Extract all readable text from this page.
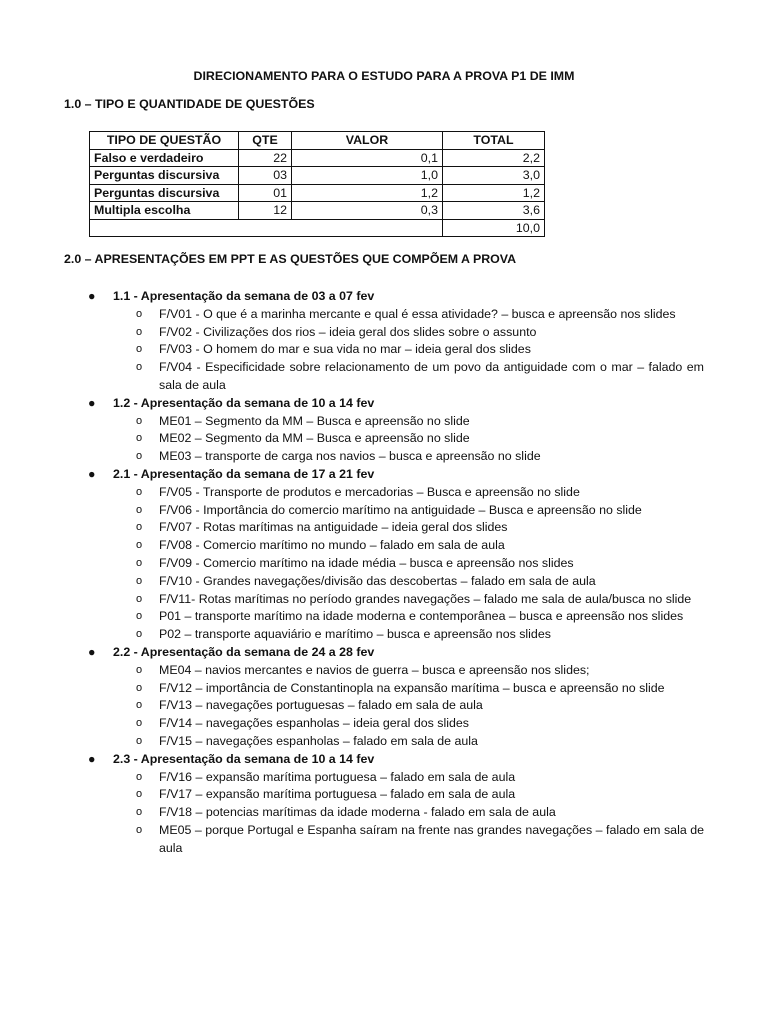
DIRECIONAMENTO PARA O ESTUDO PARA A PROVA P1 DE IMM
1.0 – TIPO E QUANTIDADE DE QUESTÕES
TIPO DE QUESTÃO	QTE	VALOR	TOTAL
Falso e verdadeiro	22	0,1	2,2
Perguntas discursiva	03	1,0	3,0
Perguntas discursiva	01	1,2	1,2
Multipla escolha	12	0,3	3,6
			10,0
2.0 – APRESENTAÇÕES EM PPT E AS QUESTÕES QUE COMPÕEM A PROVA
● 1.1 - Apresentação da semana de 03 a 07 fev
o F/V01 - O que é a marinha mercante e qual é essa atividade? – busca e apreensão nos slides
o F/V02 - Civilizações dos rios – ideia geral dos slides sobre o assunto
o F/V03 - O homem do mar e sua vida no mar – ideia geral dos slides
o F/V04 - Especificidade sobre relacionamento de um povo da antiguidade com o mar – falado em sala de aula
● 1.2 - Apresentação da semana de 10 a 14 fev
o ME01 – Segmento da MM – Busca e apreensão no slide
o ME02 – Segmento da MM – Busca e apreensão no slide
o ME03 – transporte de carga nos navios – busca e apreensão no slide
● 2.1 - Apresentação da semana de 17 a 21 fev
o F/V05 - Transporte de produtos e mercadorias – Busca e apreensão no slide
o F/V06 - Importância do comercio marítimo na antiguidade – Busca e apreensão no slide
o F/V07 - Rotas marítimas na antiguidade – ideia geral dos slides
o F/V08 - Comercio marítimo no mundo – falado em sala de aula
o F/V09 - Comercio marítimo na idade média – busca e apreensão nos slides
o F/V10 - Grandes navegações/divisão das descobertas – falado em sala de aula
o F/V11- Rotas marítimas no período grandes navegações – falado me sala de aula/busca no slide
o P01 – transporte marítimo na idade moderna e contemporânea – busca e apreensão nos slides
o P02 – transporte aquaviário e marítimo – busca e apreensão nos slides
● 2.2 - Apresentação da semana de 24 a 28 fev
o ME04 – navios mercantes e navios de guerra – busca e apreensão nos slides;
o F/V12 – importância de Constantinopla na expansão marítima – busca e apreensão no slide
o F/V13 – navegações portuguesas – falado em sala de aula
o F/V14 – navegações espanholas – ideia geral dos slides
o F/V15 – navegações espanholas – falado em sala de aula
● 2.3 - Apresentação da semana de 10 a 14 fev
o F/V16 – expansão marítima portuguesa – falado em sala de aula
o F/V17 – expansão marítima portuguesa – falado em sala de aula
o F/V18 – potencias marítimas da idade moderna - falado em sala de aula
o ME05 – porque Portugal e Espanha saíram na frente nas grandes navegações – falado em sala de aula
